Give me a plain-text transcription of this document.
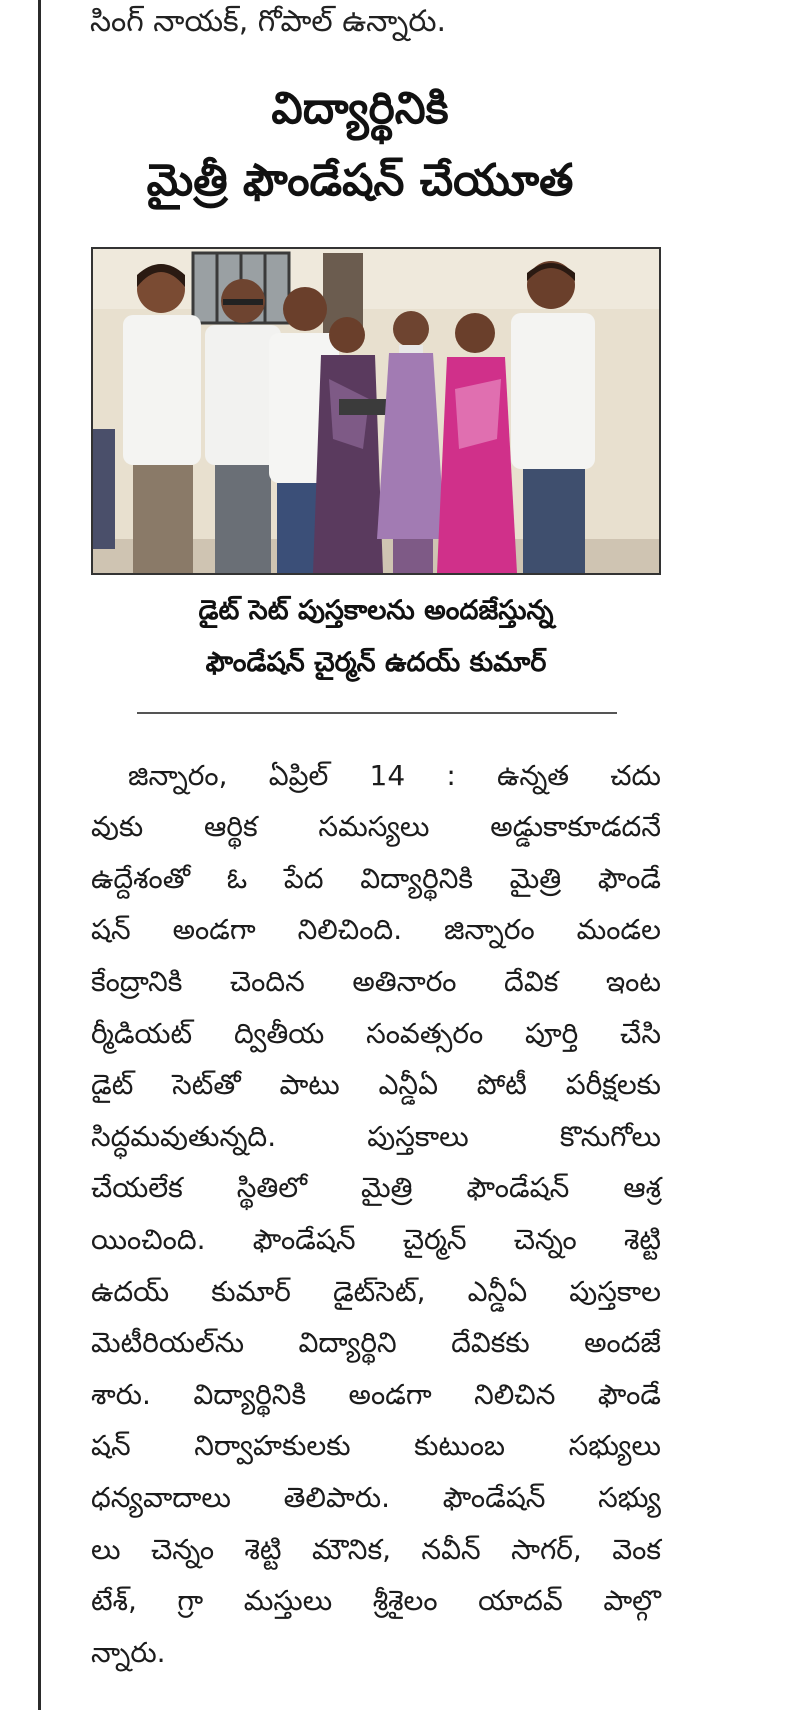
సింగ్ నాయక్, గోపాల్ ఉన్నారు.
విద్యార్థినికి
మైత్రీ ఫౌండేషన్ చేయూత
డైట్ సెట్ పుస్తకాలను అందజేస్తున్న
ఫౌండేషన్ చైర్మన్ ఉదయ్ కుమార్
జిన్నారం, ఏప్రిల్ 14 : ఉన్నత చదు
వుకు ఆర్థిక సమస్యలు అడ్డుకాకూడదనే
ఉద్దేశంతో ఓ పేద విద్యార్థినికి మైత్రి ఫౌండే
షన్ అండగా నిలిచింది. జిన్నారం మండల
కేంద్రానికి చెందిన అతినారం దేవిక ఇంట
ర్మీడియట్ ద్వితీయ సంవత్సరం పూర్తి చేసి
డైట్ సెట్‌తో పాటు ఎన్డీఏ పోటీ పరీక్షలకు
సిద్ధమవుతున్నది. పుస్తకాలు కొనుగోలు
చేయలేక స్థితిలో మైత్రి ఫౌండేషన్ ఆశ్ర
యించింది. ఫౌండేషన్ చైర్మన్ చెన్నం శెట్టి
ఉదయ్ కుమార్ డైట్‌సెట్, ఎన్డీఏ పుస్తకాల
మెటీరియల్‌ను విద్యార్థిని దేవికకు అందజే
శారు. విద్యార్థినికి అండగా నిలిచిన ఫౌండే
షన్ నిర్వాహకులకు కుటుంబ సభ్యులు
ధన్యవాదాలు తెలిపారు. ఫౌండేషన్ సభ్యు
లు చెన్నం శెట్టి మౌనిక, నవీన్ సాగర్, వెంక
టేశ్, గ్రా మస్తులు శ్రీశైలం యాదవ్ పాల్గొ
న్నారు.
